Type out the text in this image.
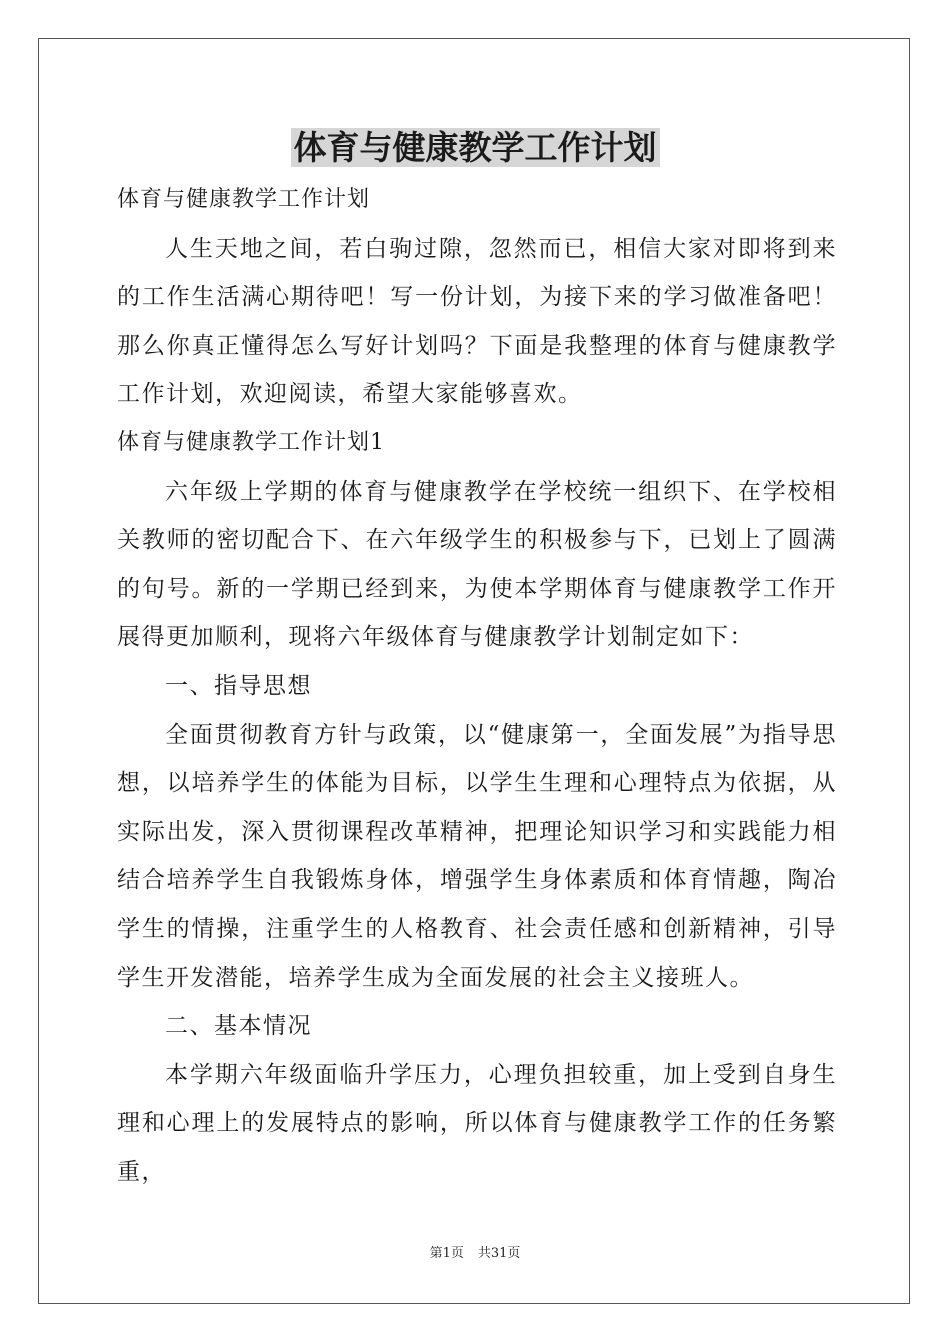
体育与健康教学工作计划

体育与健康教学工作计划

人生天地之间，若白驹过隙，忽然而已，相信大家对即将到来的工作生活满心期待吧！写一份计划，为接下来的学习做准备吧！那么你真正懂得怎么写好计划吗？下面是我整理的体育与健康教学工作计划，欢迎阅读，希望大家能够喜欢。

体育与健康教学工作计划1

六年级上学期的体育与健康教学在学校统一组织下、在学校相关教师的密切配合下、在六年级学生的积极参与下，已划上了圆满的句号。新的一学期已经到来，为使本学期体育与健康教学工作开展得更加顺利，现将六年级体育与健康教学计划制定如下：

一、指导思想

全面贯彻教育方针与政策，以“健康第一，全面发展”为指导思想，以培养学生的体能为目标，以学生生理和心理特点为依据，从实际出发，深入贯彻课程改革精神，把理论知识学习和实践能力相结合培养学生自我锻炼身体，增强学生身体素质和体育情趣，陶冶学生的情操，注重学生的人格教育、社会责任感和创新精神，引导学生开发潜能，培养学生成为全面发展的社会主义接班人。

二、基本情况

本学期六年级面临升学压力，心理负担较重，加上受到自身生理和心理上的发展特点的影响，所以体育与健康教学工作的任务繁重，

第1页 共31页
